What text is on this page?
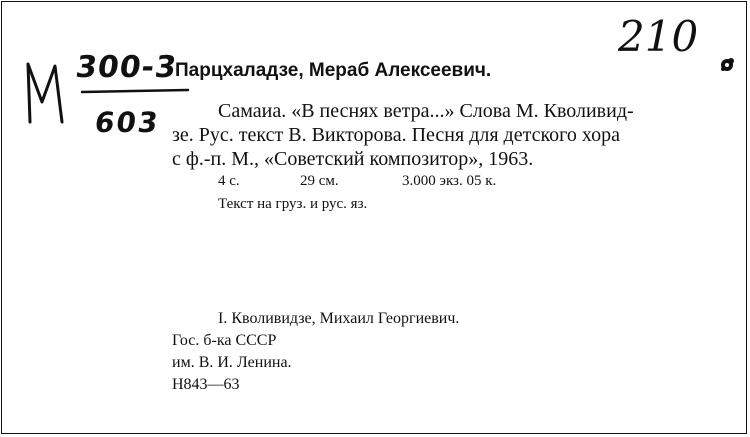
300-3
603
210
Парцхаладзе, Мераб Алексеевич.
Самаиа. «В песнях ветра...» Слова М. Кволивид-
зе. Рус. текст В. Викторова. Песня для детского хора
с ф.-п. М., «Советский композитор», 1963.
4 с.	29 см.	3.000 экз. 05 к.
Текст на груз. и рус. яз.
I. Кволивидзе, Михаил Георгиевич.
Гос. б-ка СССР
им. В. И. Ленина.
Н843—63
